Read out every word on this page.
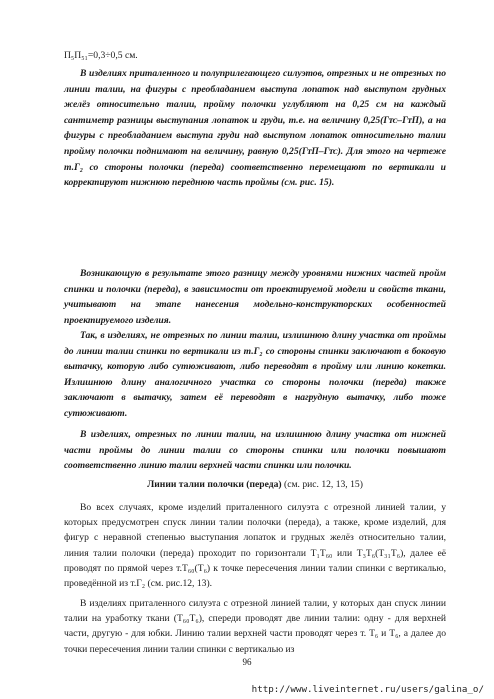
П₅П₅₁=0,3÷0,5 см.

В изделиях приталенного и полуприлегающего силуэтов, отрезных и не отрезных по линии талии, на фигуры с преобладанием выступа лопаток над выступом грудных желёз относительно талии, пройму полочки углубляют на 0,25 см на каждый сантиметр разницы выступания лопаток и груди, т.е. на величину 0,25(Гᴛᴄ–ГᴛП), а на фигуры с преобладанием выступа груди над выступом лопаток относительно талии пройму полочки поднимают на величину, равную 0,25(ГᴛП–Гᴛᴄ). Для этого на чертеже т.Г₂ со стороны полочки (переда) соответственно перемещают по вертикали и корректируют нижнюю переднюю часть проймы (см. рис. 15).

Возникающую в результате этого разницу между уровнями нижних частей пройм спинки и полочки (переда), в зависимости от проектируемой модели и свойств ткани, учитывают на этапе нанесения модельно-конструкторских особенностей проектируемого изделия.

Так, в изделиях, не отрезных по линии талии, излишнюю длину участка от проймы до линии талии спинки по вертикали из т.Г₂ со стороны спинки заключают в боковую вытачку, которую либо сутюживают, либо переводят в пройму или линию кокетки. Излишнюю длину аналогичного участка со стороны полочки (переда) также заключают в вытачку, затем её переводят в нагрудную вытачку, либо тоже сутюживают.

В изделиях, отрезных по линии талии, на излишнюю длину участка от нижней части проймы до линии талии со стороны спинки или полочки повышают соответственно линию талии верхней части спинки или полочки.

Линии талии полочки (переда) (см. рис. 12, 13, 15)

Во всех случаях, кроме изделий приталенного силуэта с отрезной линией талии, у которых предусмотрен спуск линии талии полочки (переда), а также, кроме изделий, для фигур с неравной степенью выступания лопаток и грудных желёз относительно талии, линия талии полочки (переда) проходит по горизонтали Т₁Т₆₀ или Т₃Т₆(Т₃₁Т₆), далее её проводят по прямой через т.Т₆₀(Т₆) к точке пересечения линии талии спинки с вертикалью, проведённой из т.Г₂ (см. рис.12, 13).

В изделиях приталенного силуэта с отрезной линией талии, у которых дан спуск линии талии на уработку ткани (Т₆₀Т₆), спереди проводят две линии талии: одну - для верхней части, другую - для юбки. Линию талии верхней части проводят через т. Т₆ и Т₆, а далее до точки пересечения линии талии спинки с вертикалью из

96
http://www.liveinternet.ru/users/galina_o/
